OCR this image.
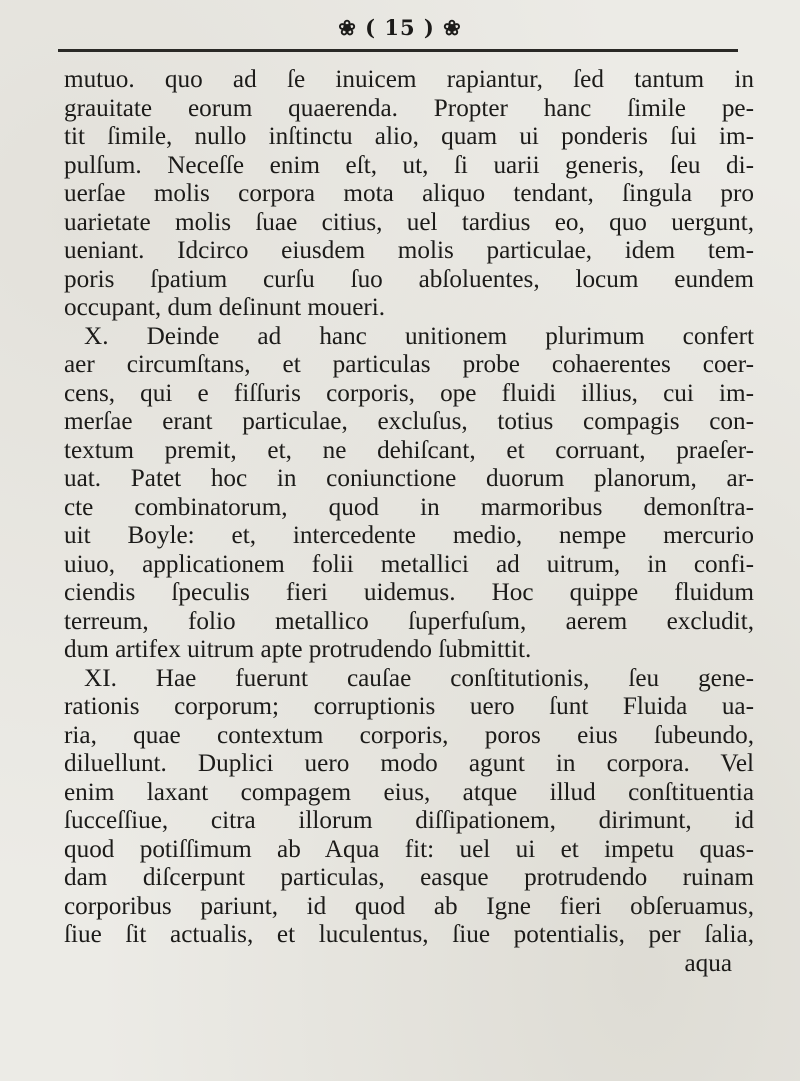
❀ ( 15 ) ❀
mutuo. quo ad ſe inuicem rapiantur, ſed tantum in
grauitate eorum quaerenda. Propter hanc ſimile pe-
tit ſimile, nullo inſtinctu alio, quam ui ponderis ſui im-
pulſum. Neceſſe enim eſt, ut, ſi uarii generis, ſeu di-
uerſae molis corpora mota aliquo tendant, ſingula pro
uarietate molis ſuae citius, uel tardius eo, quo uergunt,
ueniant. Idcirco eiusdem molis particulae, idem tem-
poris ſpatium curſu ſuo abſoluentes, locum eundem
occupant, dum deſinunt moueri.
X. Deinde ad hanc unitionem plurimum confert
aer circumſtans, et particulas probe cohaerentes coer-
cens, qui e fiſſuris corporis, ope fluidi illius, cui im-
merſae erant particulae, excluſus, totius compagis con-
textum premit, et, ne dehiſcant, et corruant, praeſer-
uat. Patet hoc in coniunctione duorum planorum, ar-
cte combinatorum, quod in marmoribus demonſtra-
uit Boyle: et, intercedente medio, nempe mercurio
uiuo, applicationem folii metallici ad uitrum, in confi-
ciendis ſpeculis fieri uidemus. Hoc quippe fluidum
terreum, folio metallico ſuperfuſum, aerem excludit,
dum artifex uitrum apte protrudendo ſubmittit.
XI. Hae fuerunt cauſae conſtitutionis, ſeu gene-
rationis corporum; corruptionis uero ſunt Fluida ua-
ria, quae contextum corporis, poros eius ſubeundo,
diluellunt. Duplici uero modo agunt in corpora. Vel
enim laxant compagem eius, atque illud conſtituentia
ſucceſſiue, citra illorum diſſipationem, dirimunt, id
quod potiſſimum ab Aqua fit: uel ui et impetu quas-
dam diſcerpunt particulas, easque protrudendo ruinam
corporibus pariunt, id quod ab Igne fieri obſeruamus,
ſiue ſit actualis, et luculentus, ſiue potentialis, per ſalia,
aqua
